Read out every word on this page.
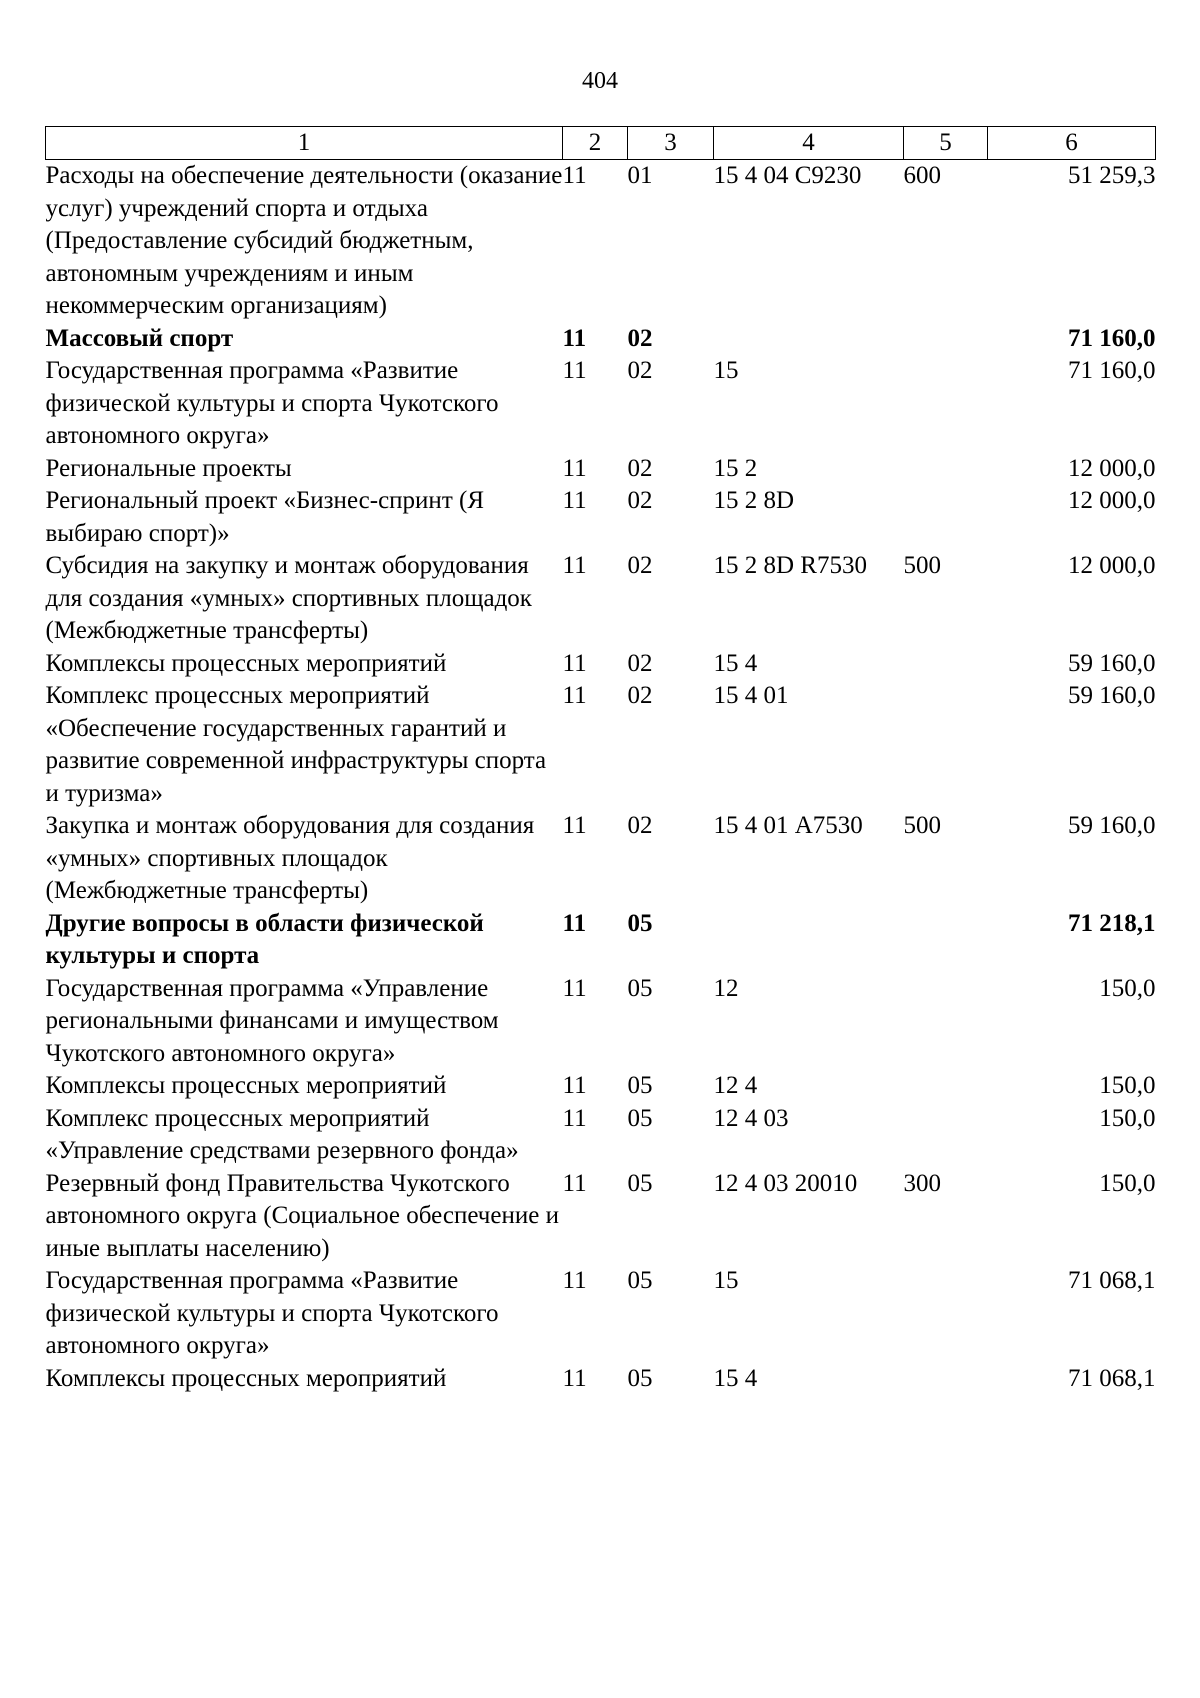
404
1	2	3	4	5	6
Расходы на обеспечение деятельности (оказание услуг) учреждений спорта и отдыха (Предоставление субсидий бюджетным, автономным учреждениям и иным некоммерческим организациям)	11	01	15 4 04 С9230	600	51 259,3
Массовый спорт	11	02			71 160,0
Государственная программа «Развитие физической культуры и спорта Чукотского автономного округа»	11	02	15		71 160,0
Региональные проекты	11	02	15 2		12 000,0
Региональный проект «Бизнес-спринт (Я выбираю спорт)»	11	02	15 2 8D		12 000,0
Субсидия на закупку и монтаж оборудования для создания «умных» спортивных площадок (Межбюджетные трансферты)	11	02	15 2 8D R7530	500	12 000,0
Комплексы процессных мероприятий	11	02	15 4		59 160,0
Комплекс процессных мероприятий «Обеспечение государственных гарантий и развитие современной инфраструктуры спорта и туризма»	11	02	15 4 01		59 160,0
Закупка и монтаж оборудования для создания «умных» спортивных площадок (Межбюджетные трансферты)	11	02	15 4 01 А7530	500	59 160,0
Другие вопросы в области физической культуры и спорта	11	05			71 218,1
Государственная программа «Управление региональными финансами и имуществом Чукотского автономного округа»	11	05	12		150,0
Комплексы процессных мероприятий	11	05	12 4		150,0
Комплекс процессных мероприятий «Управление средствами резервного фонда»	11	05	12 4 03		150,0
Резервный фонд Правительства Чукотского автономного округа (Социальное обеспечение и иные выплаты населению)	11	05	12 4 03 20010	300	150,0
Государственная программа «Развитие физической культуры и спорта Чукотского автономного округа»	11	05	15		71 068,1
Комплексы процессных мероприятий	11	05	15 4		71 068,1
